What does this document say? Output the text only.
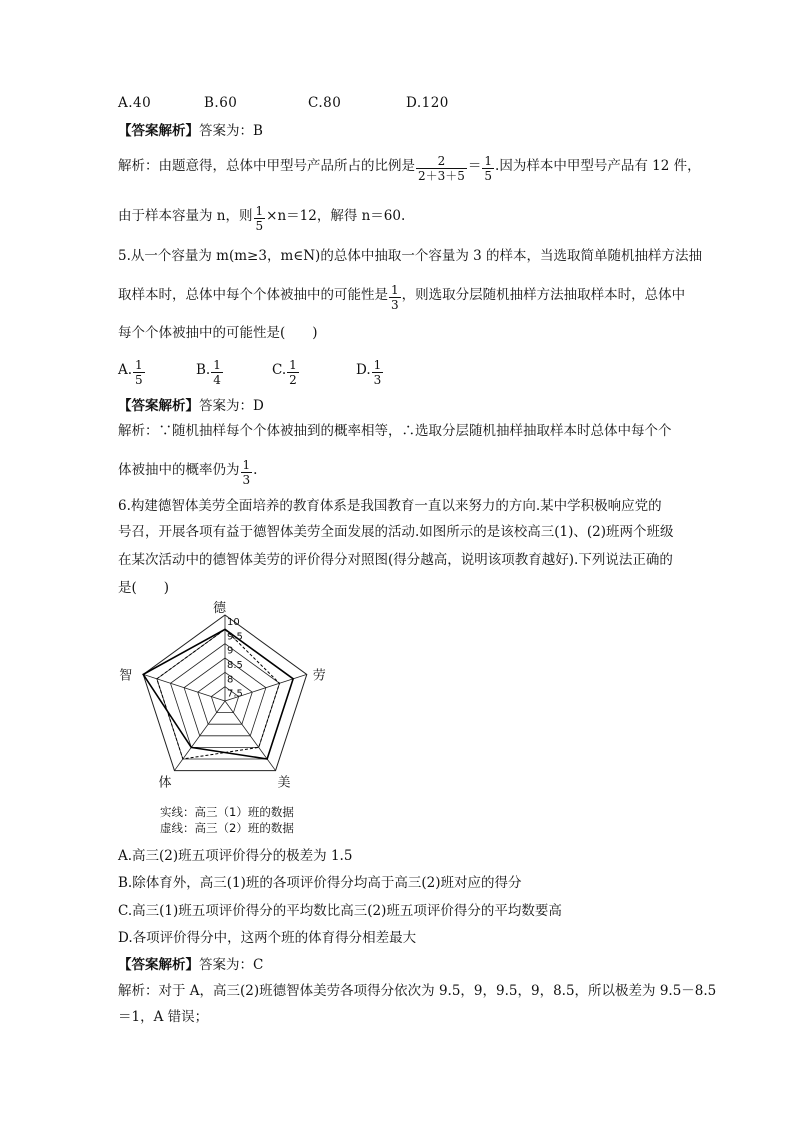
A.40	B.60	C.80	D.120
【答案解析】答案为：B
解析：由题意得，总体中甲型号产品所占的比例是 $\frac{2}{2+3+5} = \frac{1}{5}$ .因为样本中甲型号产品有 12 件，
由于样本容量为 n，则 $\frac{1}{5} \times n=12$，解得 n＝60.
5.从一个容量为 m(m≥3，m∈N)的总体中抽取一个容量为 3 的样本，当选取简单随机抽样方法抽
取样本时，总体中每个个体被抽中的可能性是 $\frac{1}{3}$ ，则选取分层随机抽样方法抽取样本时，总体中
每个个体被抽中的可能性是(　　)
A. $\frac{1}{5}$	B. $\frac{1}{4}$	C. $\frac{1}{2}$	D. $\frac{1}{3}$
【答案解析】答案为：D
解析：∵随机抽样每个个体被抽到的概率相等，∴选取分层随机抽样抽取样本时总体中每个个
体被抽中的概率仍为 $\frac{1}{3}$ .
6.构建德智体美劳全面培养的教育体系是我国教育一直以来努力的方向.某中学积极响应党的
号召，开展各项有益于德智体美劳全面发展的活动.如图所示的是该校高三(1)、(2)班两个班级
在某次活动中的德智体美劳的评价得分对照图(得分越高，说明该项教育越好).下列说法正确的
是(　　)
10
9.5
9
8.5
8
7.5
德
劳
美
体
智
实线：高三（1）班的数据
虚线：高三（2）班的数据
A.高三(2)班五项评价得分的极差为 1.5
B.除体育外，高三(1)班的各项评价得分均高于高三(2)班对应的得分
C.高三(1)班五项评价得分的平均数比高三(2)班五项评价得分的平均数要高
D.各项评价得分中，这两个班的体育得分相差最大
【答案解析】答案为：C
解析：对于 A，高三(2)班德智体美劳各项得分依次为 9.5，9，9.5，9，8.5，所以极差为 9.5－8.5
＝1，A 错误；
